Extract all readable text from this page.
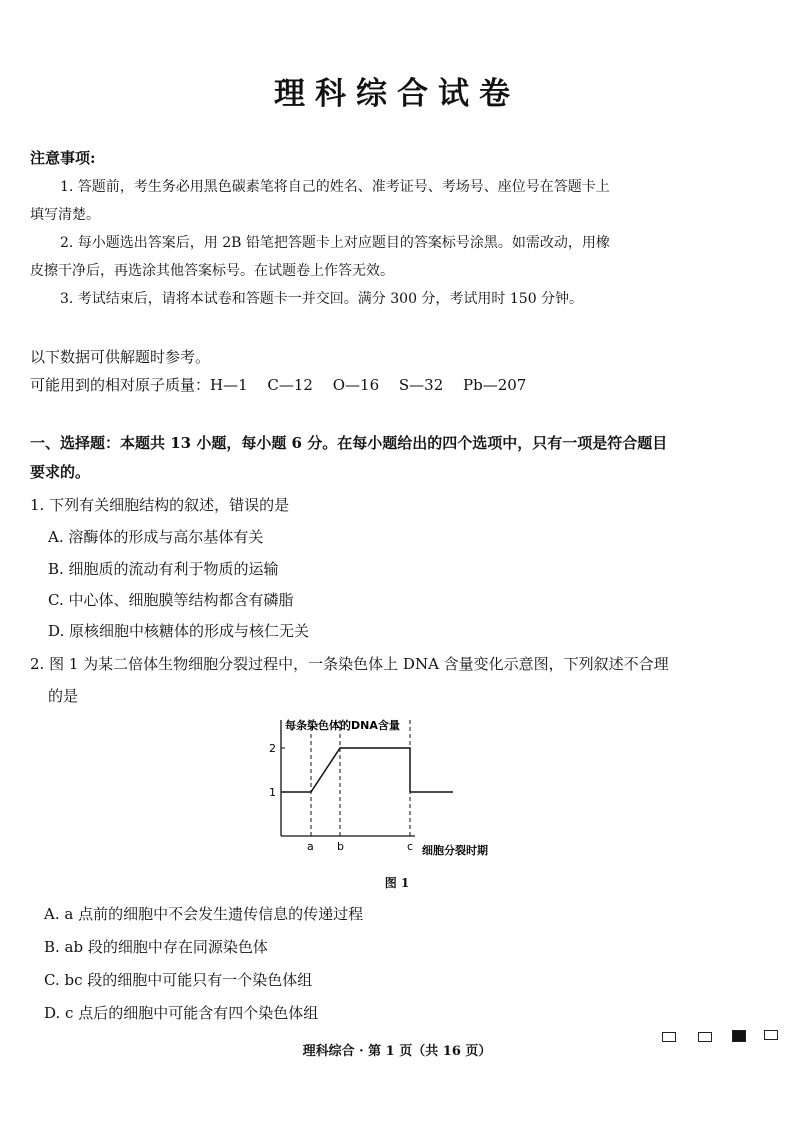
理科综合试卷
注意事项:
1. 答题前，考生务必用黑色碳素笔将自己的姓名、准考证号、考场号、座位号在答题卡上
填写清楚。
2. 每小题选出答案后，用 2B 铅笔把答题卡上对应题目的答案标号涂黑。如需改动，用橡
皮擦干净后，再选涂其他答案标号。在试题卷上作答无效。
3. 考试结束后，请将本试卷和答题卡一并交回。满分 300 分，考试用时 150 分钟。
以下数据可供解题时参考。
可能用到的相对原子质量：H—1　 C—12　 O—16　 S—32　 Pb—207
一、选择题：本题共 13 小题，每小题 6 分。在每小题给出的四个选项中，只有一项是符合题目
要求的。
1. 下列有关细胞结构的叙述，错误的是
A. 溶酶体的形成与高尔基体有关
B. 细胞质的流动有利于物质的运输
C. 中心体、细胞膜等结构都含有磷脂
D. 原核细胞中核糖体的形成与核仁无关
2. 图 1 为某二倍体生物细胞分裂过程中，一条染色体上 DNA 含量变化示意图，下列叙述不合理
的是
每条染色体的DNA含量
细胞分裂时期
1
2
a b	c
图 1
A. a 点前的细胞中不会发生遗传信息的传递过程
B. ab 段的细胞中存在同源染色体
C. bc 段的细胞中可能只有一个染色体组
D. c 点后的细胞中可能含有四个染色体组
理科综合 · 第 1 页（共 16 页）
